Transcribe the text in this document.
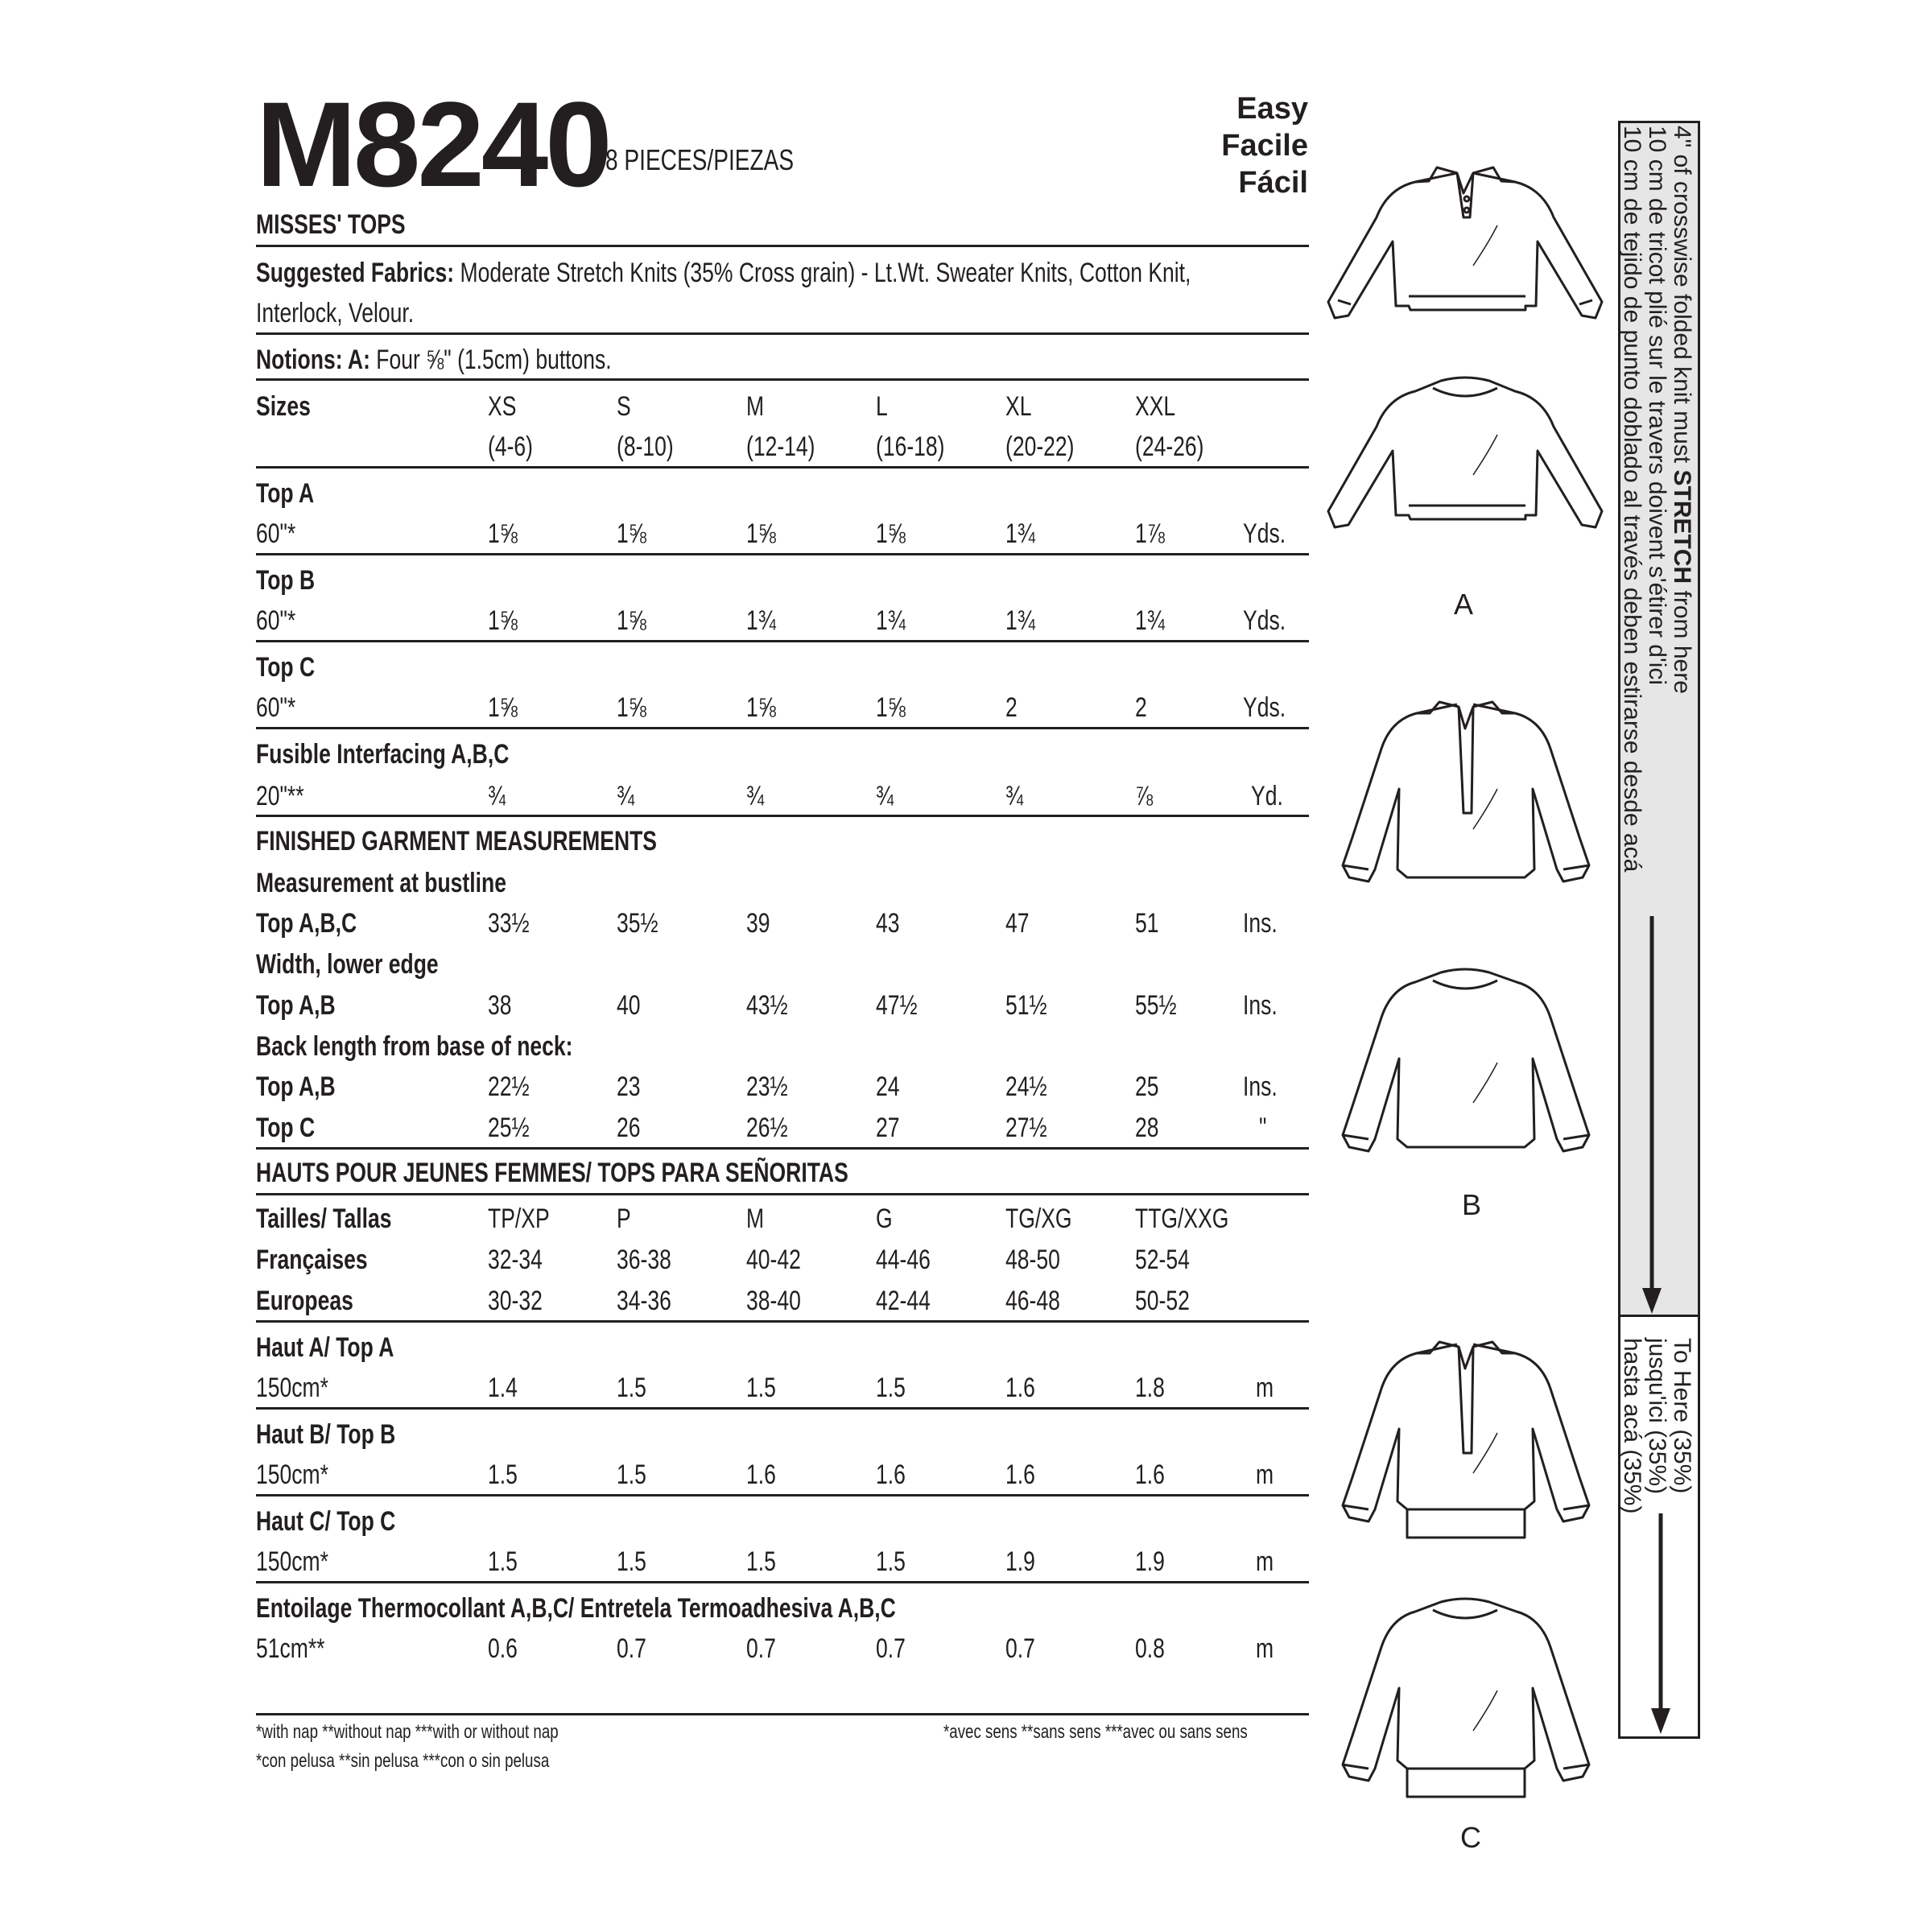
M8240
8 PIECES/PIEZAS
Easy
Facile
Fácil
MISSES' TOPS
Suggested Fabrics: Moderate Stretch Knits (35% Cross grain) - Lt.Wt. Sweater Knits, Cotton Knit,
Interlock, Velour.
Notions: A: Four ⅝" (1.5cm) buttons.
Sizes	XS	S	M	L	XL	XXL
(4-6)	(8-10)	(12-14) (16-18) (20-22) (24-26)
Top A
60"*	1⅝	1⅝	1⅝	1⅝	1¾	1⅞	Yds.
Top B
60"*	1⅝	1⅝	1¾	1¾	1¾	1¾	Yds.
Top C
60"*	1⅝	1⅝	1⅝	1⅝	2	2	Yds.
Fusible Interfacing A,B,C
20"**	¾	¾	¾	¾	¾	⅞	Yd.
FINISHED GARMENT MEASUREMENTS
Measurement at bustline
Top A,B,C	33½	35½	39	43	47	51	Ins.
Width, lower edge
Top A,B	38	40	43½	47½	51½	55½ Ins.
Back length from base of neck:
Top A,B	22½	23	23½	24	24½	25	Ins.
Top C	25½	26	26½	27	27½	28	"
HAUTS POUR JEUNES FEMMES/ TOPS PARA SEÑORITAS
Tailles/ Tallas	TP/XP P	M	G	TG/XG TTG/XXG
Françaises	32-34	36-38	40-42	44-46	48-50	52-54
Europeas	30-32	34-36	38-40	42-44	46-48	50-52
Haut A/ Top A
150cm*	1.4	1.5	1.5	1.5	1.6	1.8	m
Haut B/ Top B
150cm*	1.5	1.5	1.6	1.6	1.6	1.6	m
Haut C/ Top C
150cm*	1.5	1.5	1.5	1.5	1.9	1.9	m
Entoilage Thermocollant A,B,C/ Entretela Termoadhesiva A,B,C
51cm**	0.6	0.7	0.7	0.7	0.7	0.8	m
*with nap **without nap ***with or without nap
*con pelusa **sin pelusa ***con o sin pelusa
*avec sens **sans sens ***avec ou sans sens
4" of crosswise folded knit must STRETCH from here
10 cm de tricot plié sur le travers doivent s'étirer d'ici
10 cm de tejido de punto doblado al través deben estirarse desde acá
To Here (35%)
jusqu'ici (35%)
hasta acá (35%)
A
B
C
